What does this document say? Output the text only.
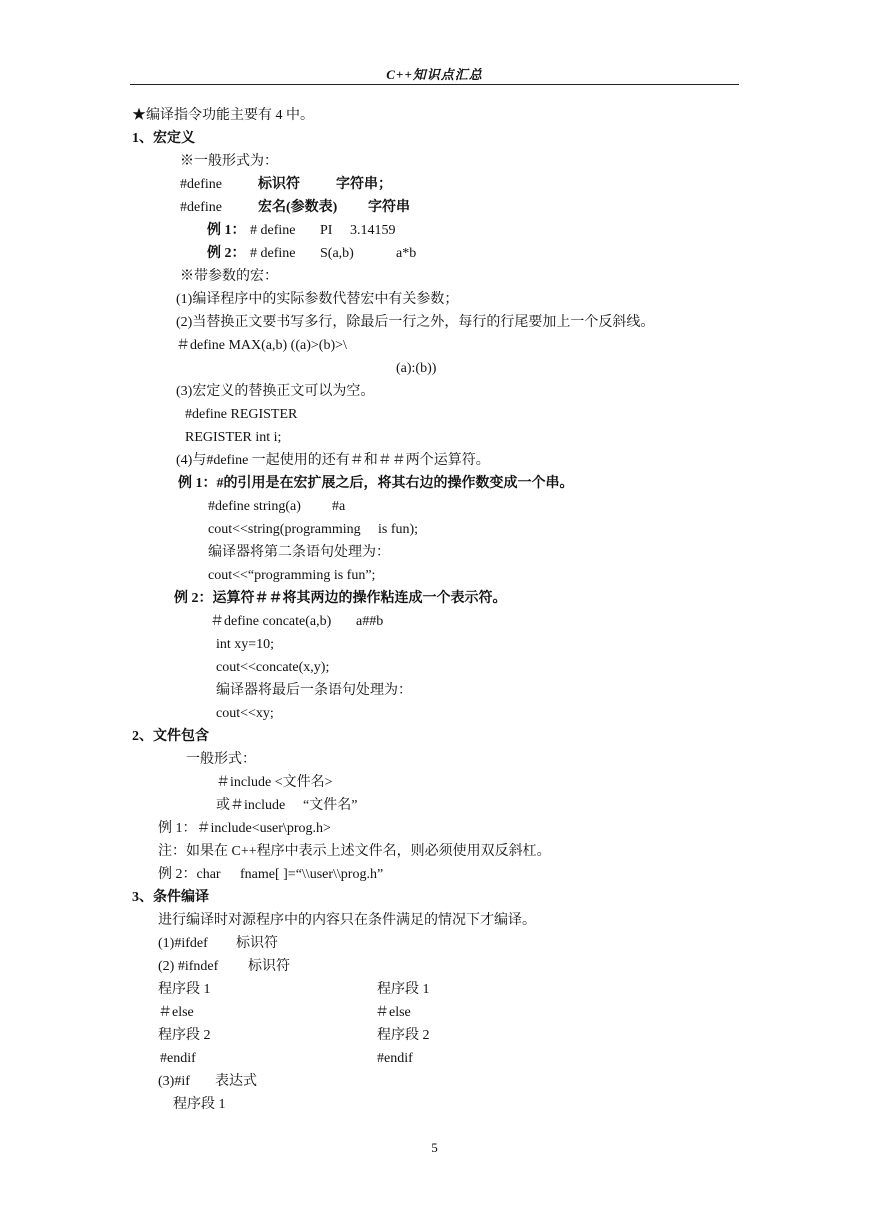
C++知识点汇总
★编译指令功能主要有 4 中。
1、宏定义
※一般形式为：
#define	标识符	字符串；
#define	宏名(参数表) 字符串
例 1： # define PI 3.14159
例 2： # define S(a,b)	a*b
※带参数的宏：
(1)编译程序中的实际参数代替宏中有关参数；
(2)当替换正文要书写多行，除最后一行之外，每行的行尾要加上一个反斜线。
＃define MAX(a,b) ((a)>(b)>\
(a):(b))
(3)宏定义的替换正文可以为空。
#define REGISTER
REGISTER int i;
(4)与#define 一起使用的还有＃和＃＃两个运算符。
例 1：#的引用是在宏扩展之后，将其右边的操作数变成一个串。
#define string(a) #a
cout<<string(programming is fun);
编译器将第二条语句处理为：
cout<<“programming is fun”;
例 2：运算符＃＃将其两边的操作粘连成一个表示符。
＃define concate(a,b) a##b
int xy=10;
cout<<concate(x,y);
编译器将最后一条语句处理为：
cout<<xy;
2、文件包含
一般形式：
＃include <文件名>
或＃include “文件名”
例 1：＃include<user\prog.h>
注：如果在 C++程序中表示上述文件名，则必须使用双反斜杠。
例 2：char fname[ ]=“\\user\\prog.h”
3、条件编译
进行编译时对源程序中的内容只在条件满足的情况下才编译。
(1)#ifdef 标识符
(2) #ifndef 标识符
程序段 1	程序段 1
＃else	＃else
程序段 2	程序段 2
#endif	#endif
(3)#if 表达式
程序段 1
5
